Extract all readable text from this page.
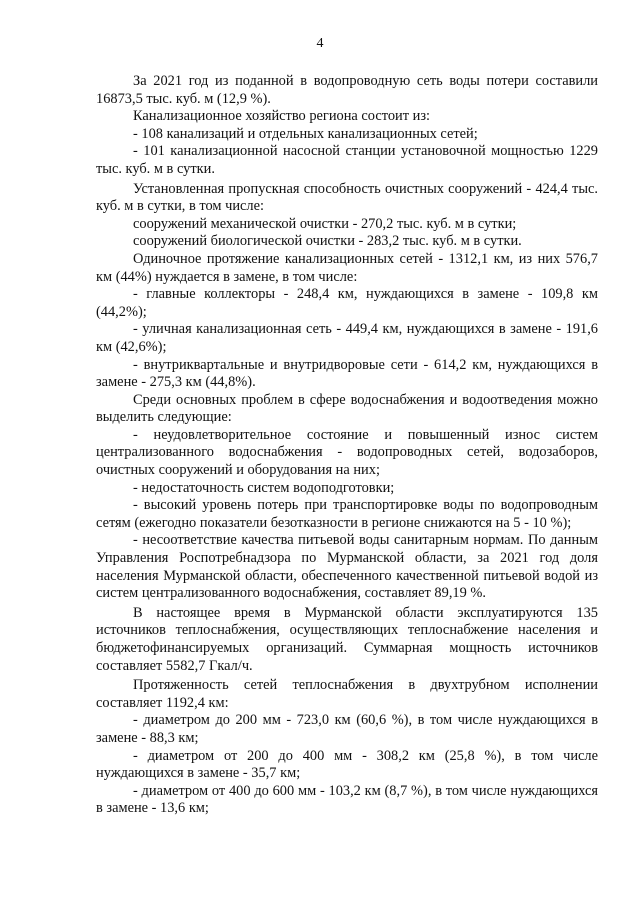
4

За 2021 год из поданной в водопроводную сеть воды потери составили 16873,5 тыс. куб. м (12,9 %).

Канализационное хозяйство региона состоит из:

- 108 канализаций и отдельных канализационных сетей;

- 101 канализационной насосной станции установочной мощностью 1229 тыс. куб. м в сутки.

Установленная пропускная способность очистных сооружений - 424,4 тыс. куб. м в сутки, в том числе:

сооружений механической очистки - 270,2 тыс. куб. м в сутки;

сооружений биологической очистки - 283,2 тыс. куб. м в сутки.

Одиночное протяжение канализационных сетей - 1312,1 км, из них 576,7 км (44%) нуждается в замене, в том числе:

- главные коллекторы - 248,4 км, нуждающихся в замене - 109,8 км (44,2%);

- уличная канализационная сеть - 449,4 км, нуждающихся в замене - 191,6 км (42,6%);

- внутриквартальные и внутридворовые сети - 614,2 км, нуждающихся в замене - 275,3 км (44,8%).

Среди основных проблем в сфере водоснабжения и водоотведения можно выделить следующие:

- неудовлетворительное состояние и повышенный износ систем централизованного водоснабжения - водопроводных сетей, водозаборов, очистных сооружений и оборудования на них;

- недостаточность систем водоподготовки;

- высокий уровень потерь при транспортировке воды по водопроводным сетям (ежегодно показатели безотказности в регионе снижаются на 5 - 10 %);

- несоответствие качества питьевой воды санитарным нормам. По данным Управления Роспотребнадзора по Мурманской области, за 2021 год доля населения Мурманской области, обеспеченного качественной питьевой водой из систем централизованного водоснабжения, составляет 89,19 %.

В настоящее время в Мурманской области эксплуатируются 135 источников теплоснабжения, осуществляющих теплоснабжение населения и бюджетофинансируемых организаций. Суммарная мощность источников составляет 5582,7 Гкал/ч.

Протяженность сетей теплоснабжения в двухтрубном исполнении составляет 1192,4 км:

- диаметром до 200 мм - 723,0 км (60,6 %), в том числе нуждающихся в замене - 88,3 км;

- диаметром от 200 до 400 мм - 308,2 км (25,8 %), в том числе нуждающихся в замене - 35,7 км;

- диаметром от 400 до 600 мм - 103,2 км (8,7 %), в том числе нуждающихся в замене - 13,6 км;
